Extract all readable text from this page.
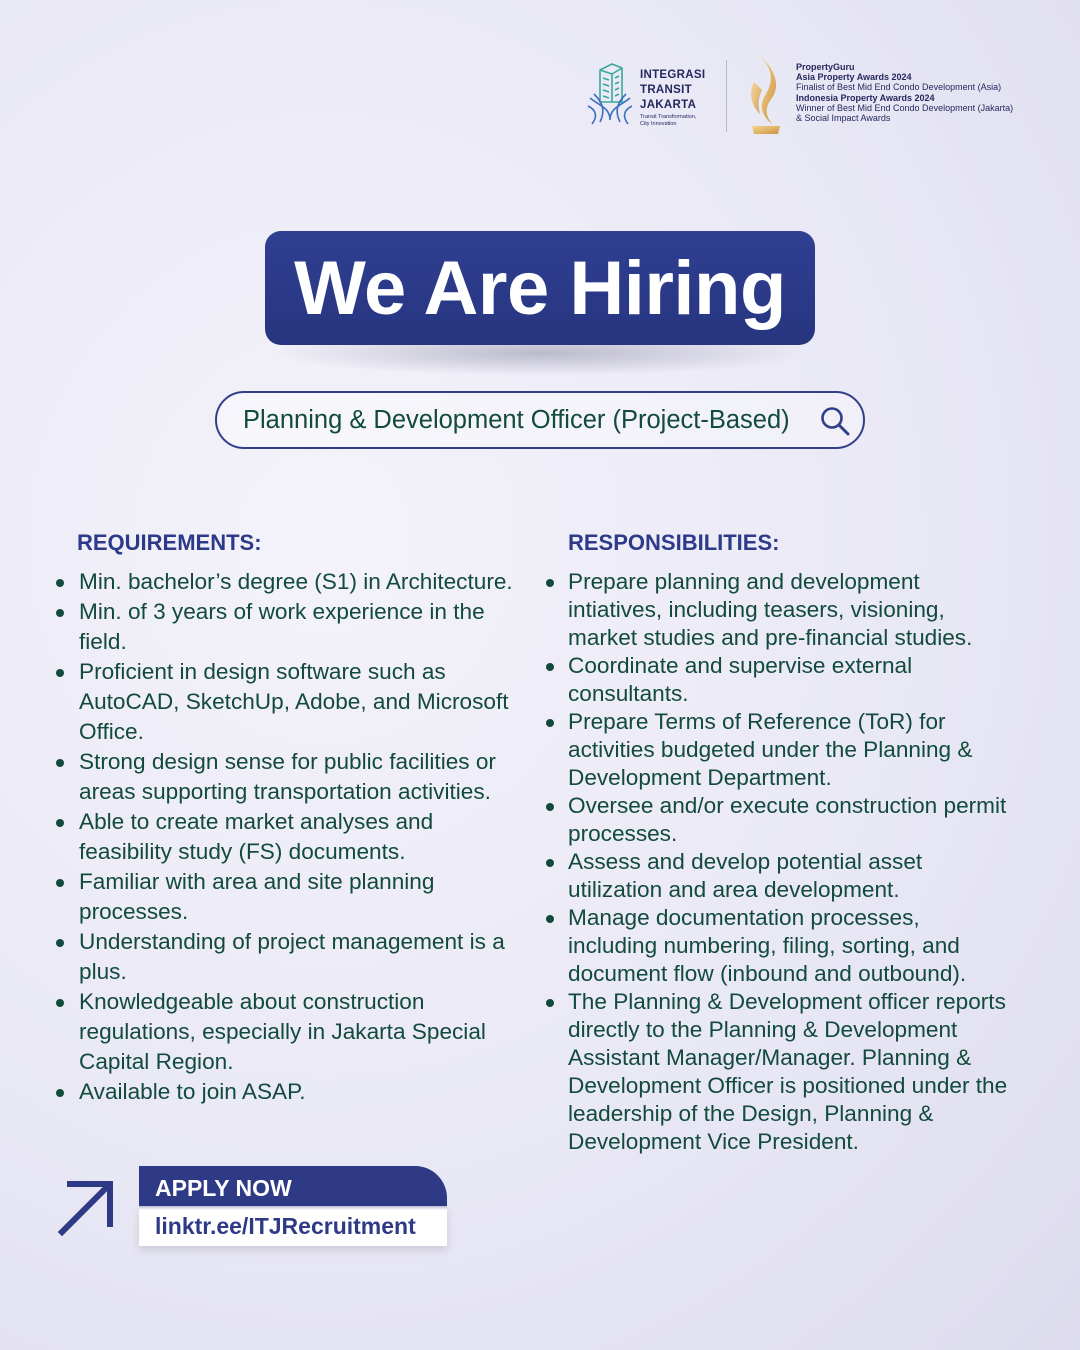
INTEGRASI
TRANSIT
JAKARTA
Transit Transformation,
City Innovation
PropertyGuru
Asia Property Awards 2024
Finalist of Best Mid End Condo Development (Asia)
Indonesia Property Awards 2024
Winner of Best Mid End Condo Development (Jakarta)
& Social Impact Awards
We Are Hiring
Planning & Development Officer (Project-Based)
REQUIREMENTS:
Min. bachelor’s degree (S1) in Architecture.
Min. of 3 years of work experience in the field.
Proficient in design software such as AutoCAD, SketchUp, Adobe, and Microsoft Office.
Strong design sense for public facilities or areas supporting transportation activities.
Able to create market analyses and feasibility study (FS) documents.
Familiar with area and site planning processes.
Understanding of project management is a plus.
Knowledgeable about construction regulations, especially in Jakarta Special Capital Region.
Available to join ASAP.
RESPONSIBILITIES:
Prepare planning and development intiatives, including teasers, visioning, market studies and pre-financial studies.
Coordinate and supervise external consultants.
Prepare Terms of Reference (ToR) for activities budgeted under the Planning & Development Department.
Oversee and/or execute construction permit processes.
Assess and develop potential asset utilization and area development.
Manage documentation processes, including numbering, filing, sorting, and document flow (inbound and outbound).
The Planning & Development officer reports directly to the Planning & Development Assistant Manager/Manager. Planning & Development Officer is positioned under the leadership of the Design, Planning & Development Vice President.
APPLY NOW
linktr.ee/ITJRecruitment
